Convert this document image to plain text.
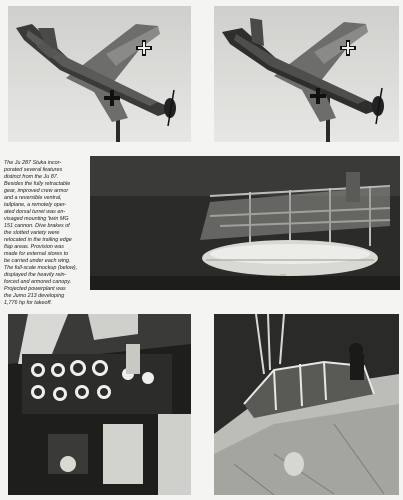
The Ju 287 Stuka incor-
porated several features
distinct from the Ju 87.
Besides the fully retractable
gear, improved crew armor
and a reversible ventral,
tailplane, a remotely oper-
ated dorsal turret was en-
visaged mounting 'twin MG
151 cannon. Dive brakes of
the slotted variety were
relocated in the trailing edge
flap areas. Provision was
made for external stores to
be carried under each wing.
The full-scale mockup (below),
displayed the heavily rein-
forced and armored canopy.
Projected powerplant was
the Jumo 213 developing
1,776 hp for takeoff.
